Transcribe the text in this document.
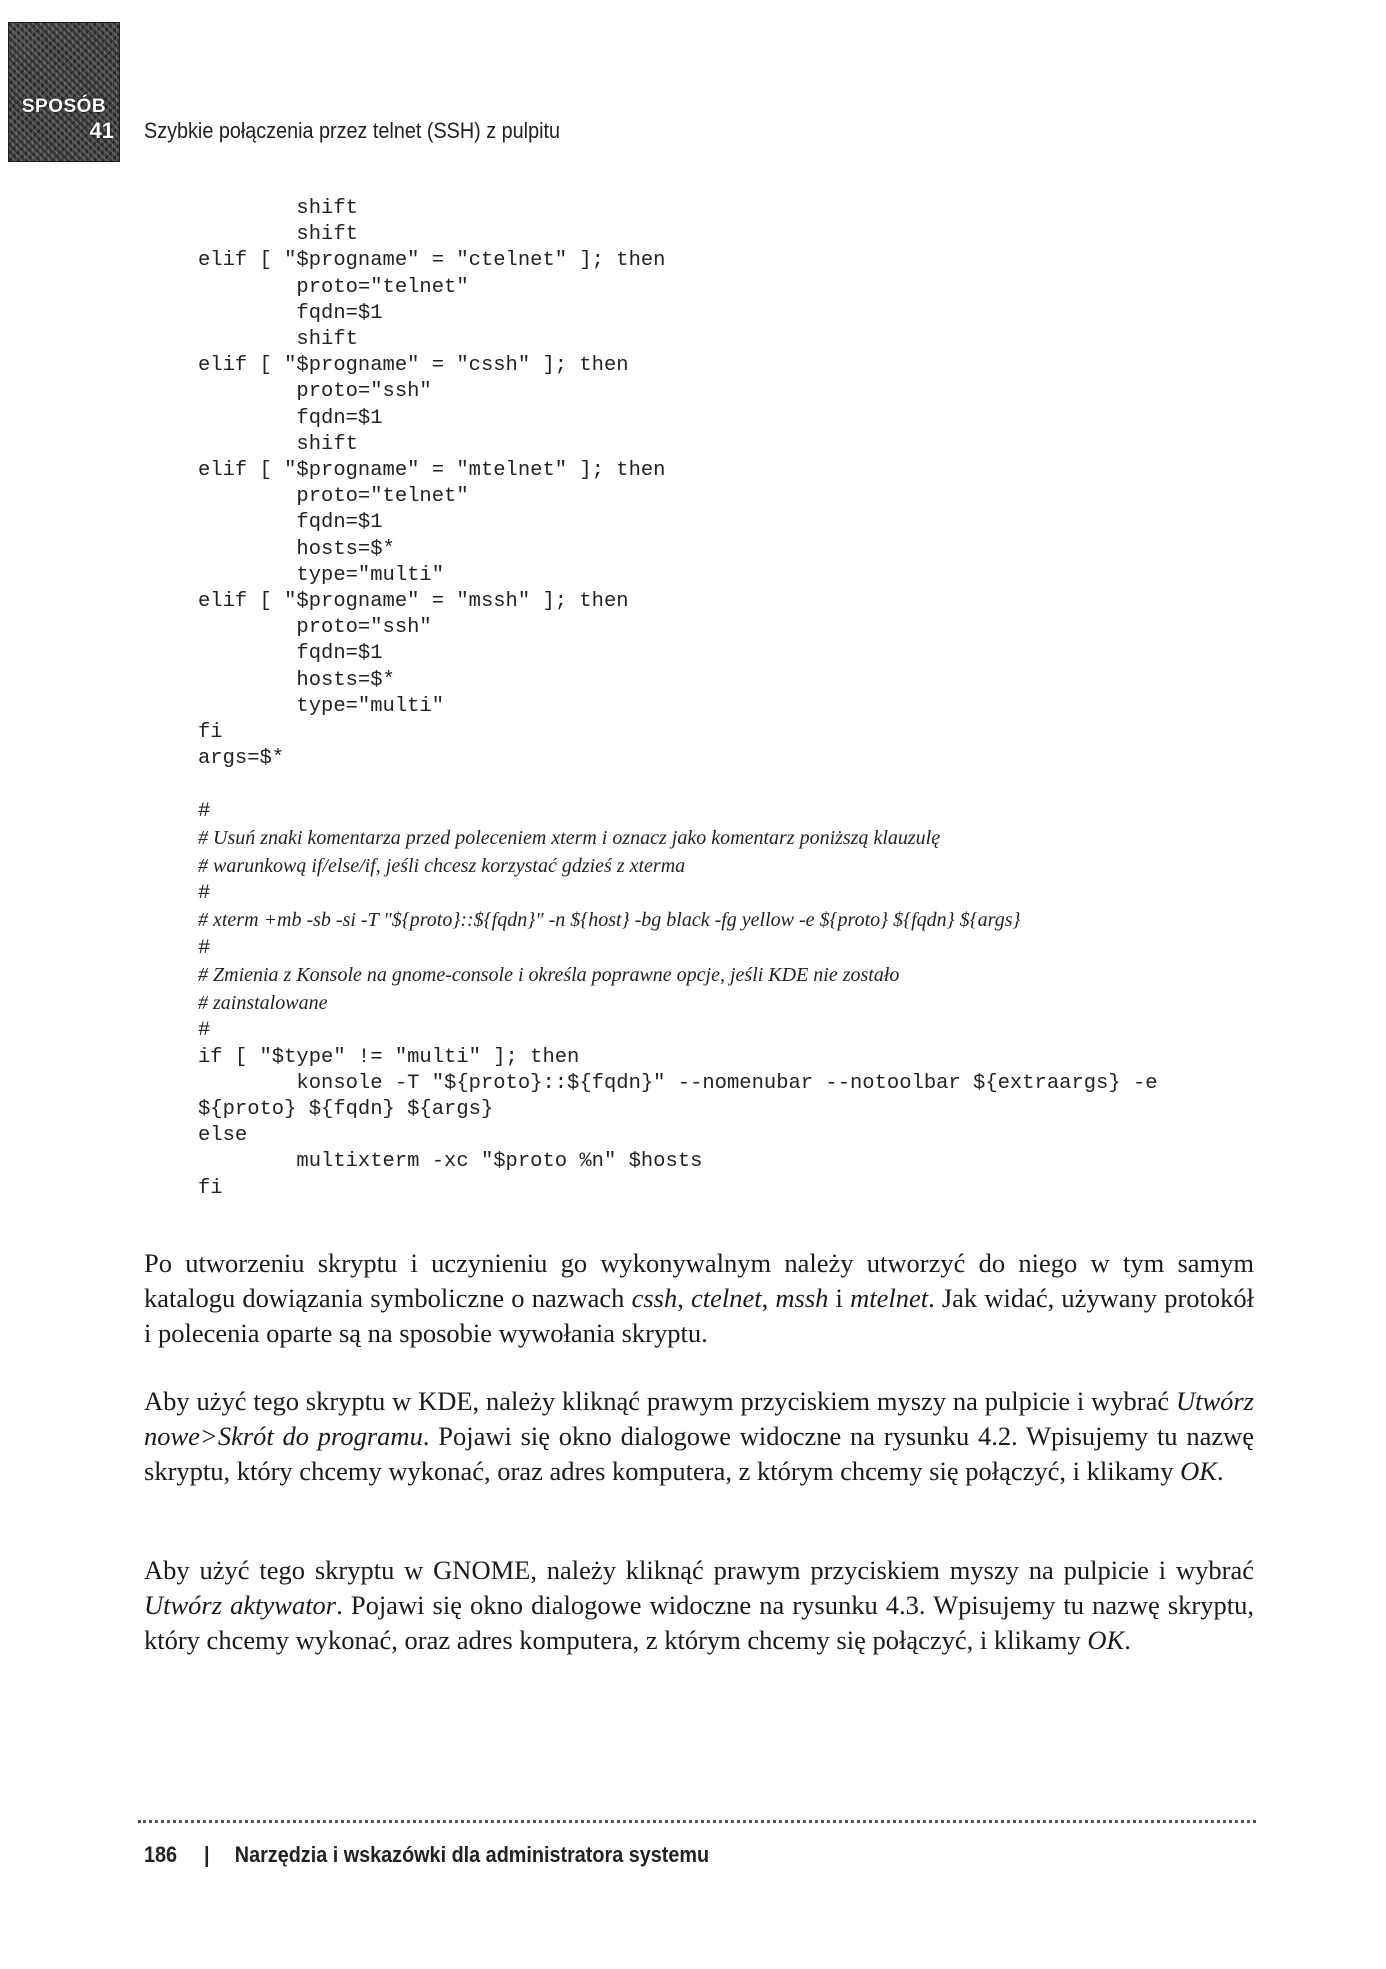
SPOSÓB
41 Szybkie połączenia przez telnet (SSH) z pulpitu
shift
shift
elif [ "$progname" = "ctelnet" ]; then
proto="telnet"
fqdn=$1
shift
elif [ "$progname" = "cssh" ]; then
proto="ssh"
fqdn=$1
shift
elif [ "$progname" = "mtelnet" ]; then
proto="telnet"
fqdn=$1
hosts=$*
type="multi"
elif [ "$progname" = "mssh" ]; then
proto="ssh"
fqdn=$1
hosts=$*
type="multi"
fi
args=$*

#
# Usuń znaki komentarza przed poleceniem xterm i oznacz jako komentarz poniższą klauzulę
# warunkową if/else/if, jeśli chcesz korzystać gdzieś z xterma
#
# xterm +mb -sb -si -T "${proto}::${fqdn}" -n ${host} -bg black -fg yellow -e ${proto} ${fqdn} ${args}
#
# Zmienia z Konsole na gnome-console i określa poprawne opcje, jeśli KDE nie zostało
# zainstalowane
#
if [ "$type" != "multi" ]; then
konsole -T "${proto}::${fqdn}" --nomenubar --notoolbar ${extraargs} -e
${proto} ${fqdn} ${args}
else
multixterm -xc "$proto %n" $hosts
fi

Po utworzeniu skryptu i uczynieniu go wykonywalnym należy utworzyć do niego w tym samym katalogu dowiązania symboliczne o nazwach cssh, ctelnet, mssh i mtelnet. Jak widać, używany protokół i polecenia oparte są na sposobie wywołania skryptu.

Aby użyć tego skryptu w KDE, należy kliknąć prawym przyciskiem myszy na pulpicie i wybrać Utwórz nowe>Skrót do programu. Pojawi się okno dialogowe widoczne na rysunku 4.2. Wpisujemy tu nazwę skryptu, który chcemy wykonać, oraz adres komputera, z którym chcemy się połączyć, i klikamy OK.

Aby użyć tego skryptu w GNOME, należy kliknąć prawym przyciskiem myszy na pulpicie i wybrać Utwórz aktywator. Pojawi się okno dialogowe widoczne na rysunku 4.3. Wpisujemy tu nazwę skryptu, który chcemy wykonać, oraz adres komputera, z którym chcemy się połączyć, i klikamy OK.

186 | Narzędzia i wskazówki dla administratora systemu
